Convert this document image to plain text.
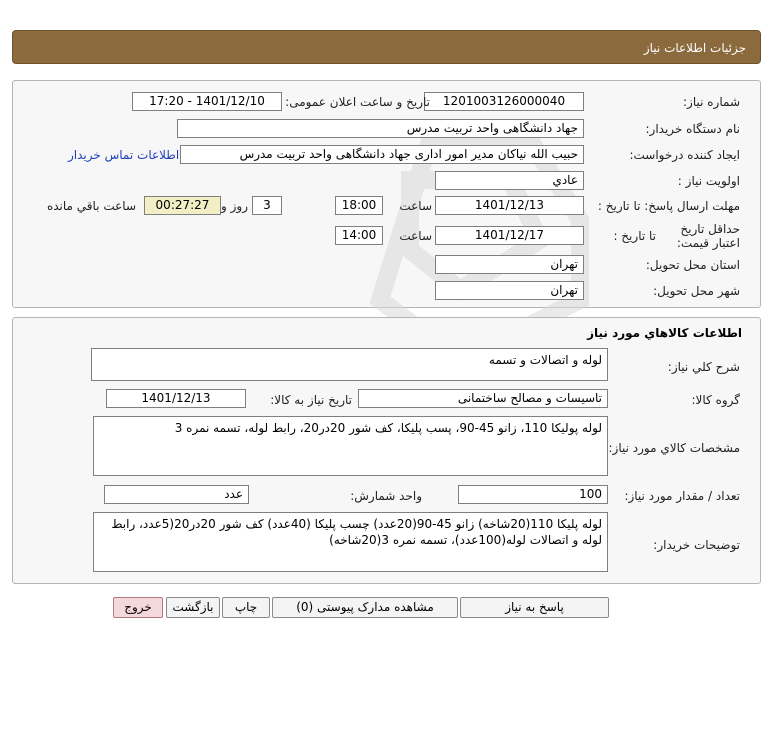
جزئیات اطلاعات نیاز
شماره نیاز:
1201003126000040
تاریخ و ساعت اعلان عمومی:
1401/12/10 - 17:20
نام دستگاه خریدار:
جهاد دانشگاهی واحد تربیت مدرس
ایجاد کننده درخواست:
حبیب الله نیاکان مدیر امور اداری جهاد دانشگاهی واحد تربیت مدرس
اطلاعات تماس خریدار
اولویت نیاز :
عادي
مهلت ارسال پاسخ: تا تاریخ :
1401/12/13
ساعت
18:00
3
روز و
00:27:27
ساعت باقي مانده
حداقل تاریخ اعتبار قیمت:
تا تاریخ :
1401/12/17
ساعت
14:00
استان محل تحویل:
تهران
شهر محل تحویل:
تهران
اطلاعات کالاهاي مورد نياز
شرح کلي نياز:
لوله و اتصالات و تسمه
گروه کالا:
تاسیسات و مصالح ساختمانی
تاریخ نیاز به کالا:
1401/12/13
مشخصات کالاي مورد نياز:
لوله پولیکا 110، زانو 45-90، پسب پلیکا، کف شور 20در20، رابط لوله، تسمه نمره 3
تعداد / مقدار مورد نیاز:
100
واحد شمارش:
عدد
توضیحات خریدار:
لوله پلیکا 110(20شاخه) زانو 45-90(20عدد) چسب پلیکا (40عدد) کف شور 20در20(5عدد، رابط لوله و اتصالات لوله(100عدد)، تسمه نمره 3(20شاخه)
پاسخ به نیاز
مشاهده مدارک پیوستی (0)
چاپ
بازگشت
خروج
